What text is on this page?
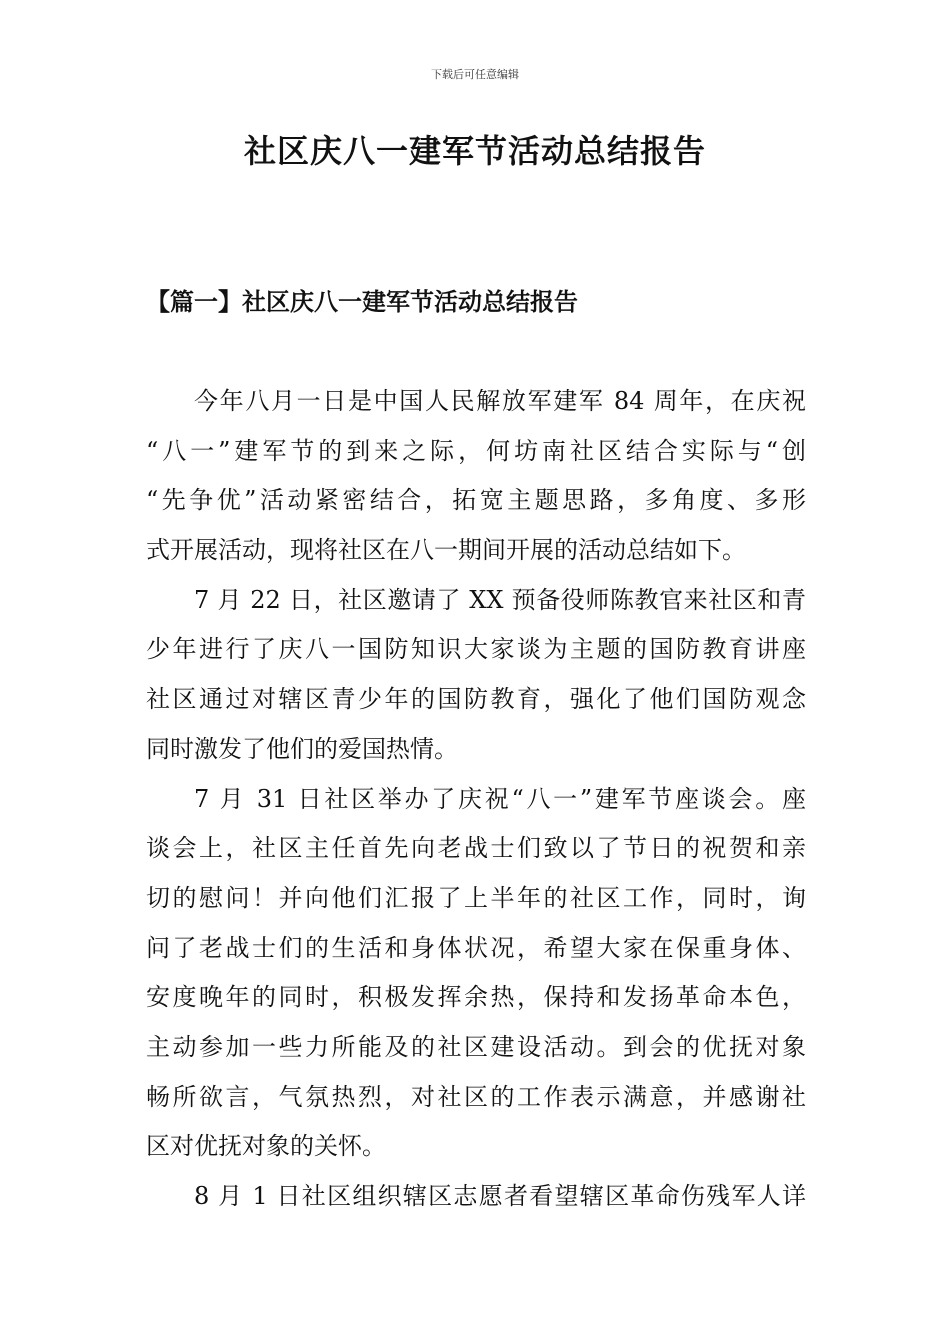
下载后可任意编辑
社区庆八一建军节活动总结报告
【篇一】社区庆八一建军节活动总结报告
今年八月一日是中国人民解放军建军 84 周年，在庆祝
“八一”建军节的到来之际，何坊南社区结合实际与“创
“先争优”活动紧密结合，拓宽主题思路，多角度、多形
式开展活动，现将社区在八一期间开展的活动总结如下。
7 月 22 日，社区邀请了 XX 预备役师陈教官来社区和青
少年进行了庆八一国防知识大家谈为主题的国防教育讲座
社区通过对辖区青少年的国防教育，强化了他们国防观念
同时激发了他们的爱国热情。
7 月 31 日社区举办了庆祝“八一”建军节座谈会。座
谈会上，社区主任首先向老战士们致以了节日的祝贺和亲
切的慰问！并向他们汇报了上半年的社区工作，同时，询
问了老战士们的生活和身体状况，希望大家在保重身体、
安度晚年的同时，积极发挥余热，保持和发扬革命本色，
主动参加一些力所能及的社区建设活动。到会的优抚对象
畅所欲言，气氛热烈，对社区的工作表示满意，并感谢社
区对优抚对象的关怀。
8 月 1 日社区组织辖区志愿者看望辖区革命伤残军人详
